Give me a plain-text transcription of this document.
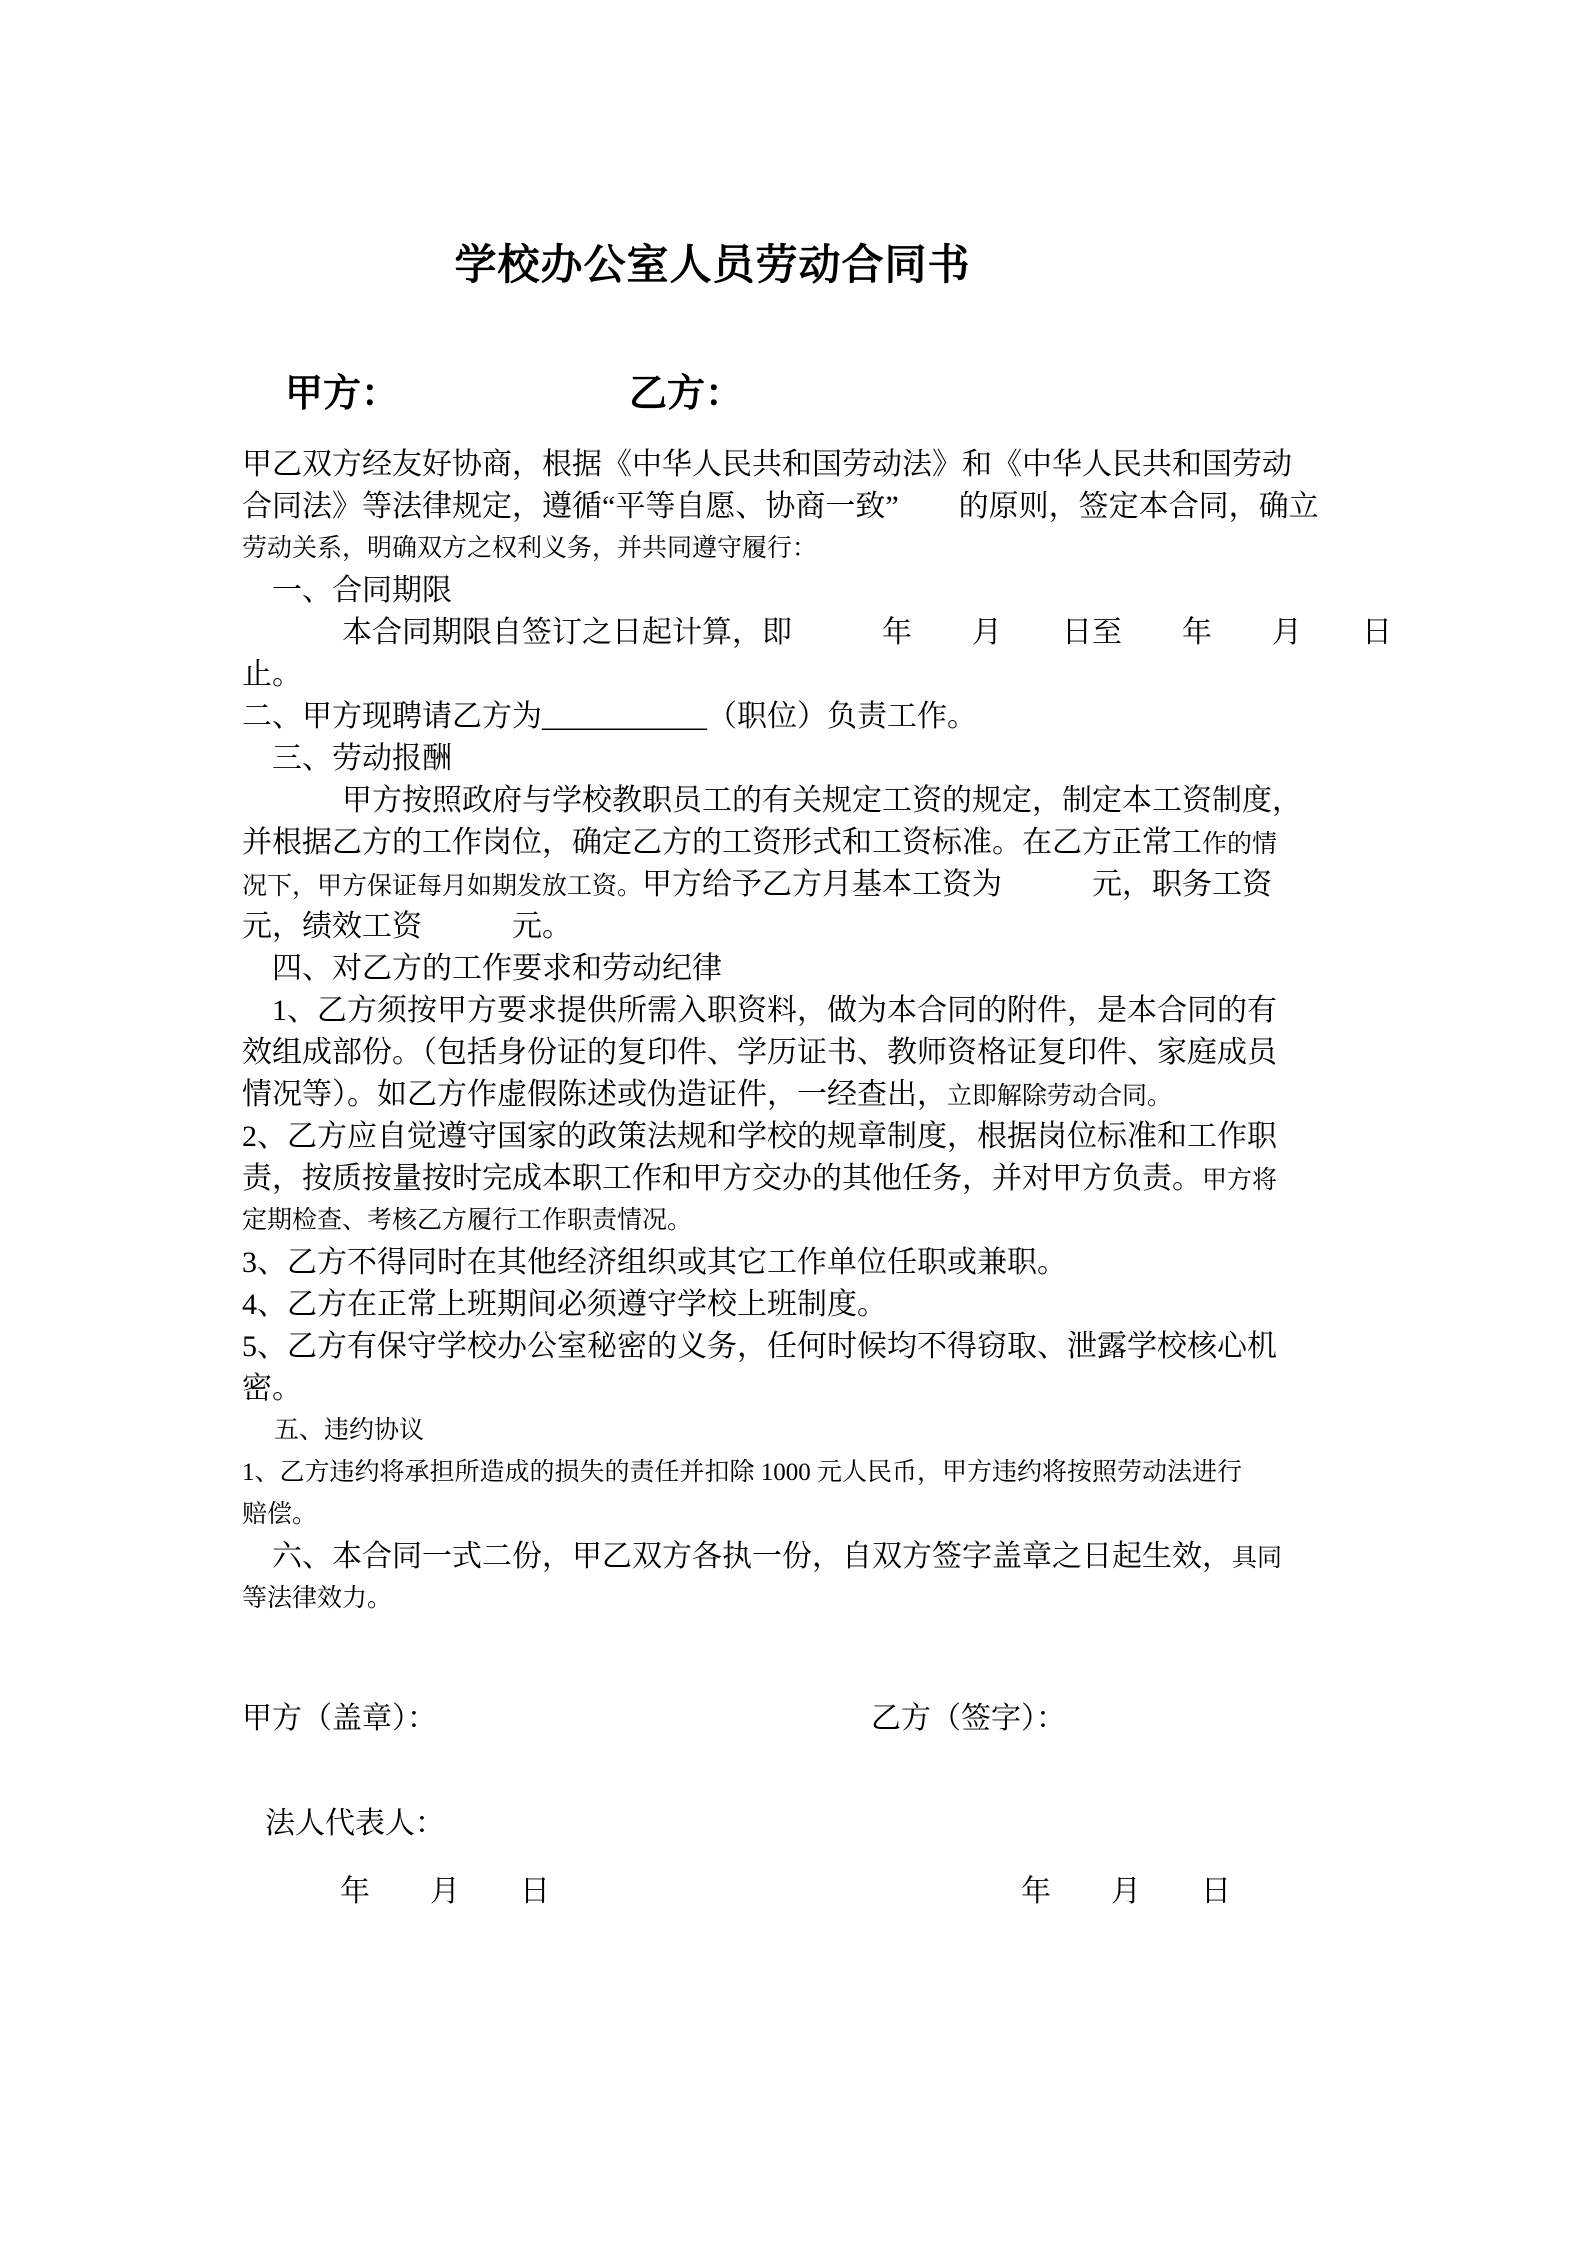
学校办公室人员劳动合同书
甲方：	乙方：
甲乙双方经友好协商，根据《中华人民共和国劳动法》和《中华人民共和国劳动
合同法》等法律规定，遵循“平等自愿、协商一致”　　的原则，签定本合同，确立
劳动关系，明确双方之权利义务，并共同遵守履行：
一、合同期限
本合同期限自签订之日起计算，即　　　年　　月　　日至　　年　　月　　日
止。
二、甲方现聘请乙方为___________（职位）负责工作。
三、劳动报酬
甲方按照政府与学校教职员工的有关规定工资的规定，制定本工资制度，
并根据乙方的工作岗位，确定乙方的工资形式和工资标准。在乙方正常工作的情
况下，甲方保证每月如期发放工资。甲方给予乙方月基本工资为　　　元，职务工资
元，绩效工资　　　元。
四、对乙方的工作要求和劳动纪律
1、乙方须按甲方要求提供所需入职资料，做为本合同的附件，是本合同的有
效组成部份。（包括身份证的复印件、学历证书、教师资格证复印件、家庭成员
情况等）。如乙方作虚假陈述或伪造证件，一经查出，立即解除劳动合同。
2、乙方应自觉遵守国家的政策法规和学校的规章制度，根据岗位标准和工作职
责，按质按量按时完成本职工作和甲方交办的其他任务，并对甲方负责。甲方将
定期检查、考核乙方履行工作职责情况。
3、乙方不得同时在其他经济组织或其它工作单位任职或兼职。
4、乙方在正常上班期间必须遵守学校上班制度。
5、乙方有保守学校办公室秘密的义务，任何时候均不得窃取、泄露学校核心机
密。
五、违约协议
1、乙方违约将承担所造成的损失的责任并扣除 1000 元人民币，甲方违约将按照劳动法进行
赔偿。
六、本合同一式二份，甲乙双方各执一份，自双方签字盖章之日起生效，具同
等法律效力。
甲方（盖章）：	乙方（签字）：
法人代表人：
年　　月　　日	年　　月　　日
